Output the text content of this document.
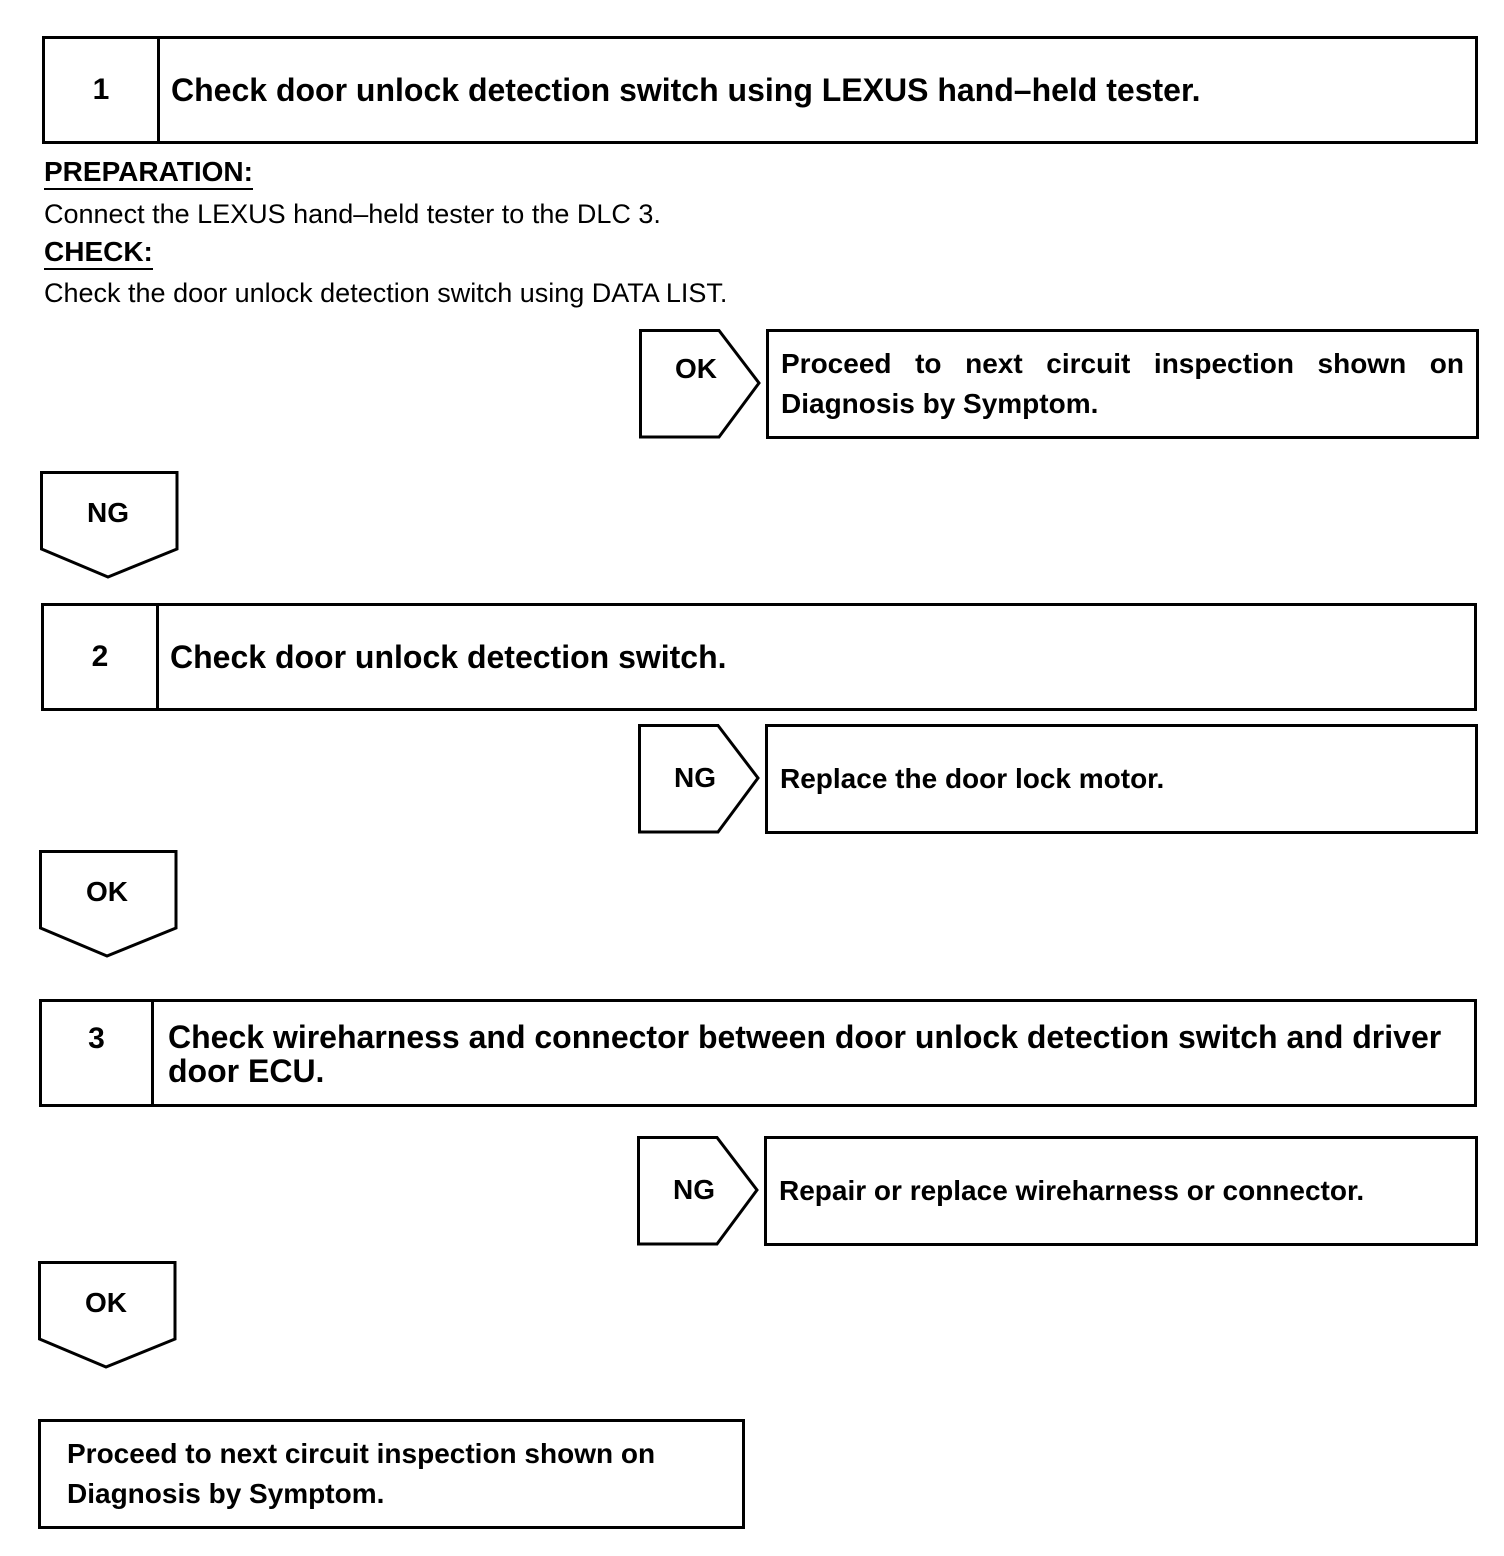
1	Check door unlock detection switch using LEXUS hand–held tester.
PREPARATION:
Connect the LEXUS hand–held tester to the DLC 3.
CHECK:
Check the door unlock detection switch using DATA LIST.
OK	Proceed to next circuit inspection shown on Diagnosis by Symptom.
NG
2	Check door unlock detection switch.
NG	Replace the door lock motor.
OK
3 Check wireharness and connector between door unlock detection switch and driver door ECU.
NG	Repair or replace wireharness or connector.
OK
Proceed to next circuit inspection shown on Diagnosis by Symptom.
